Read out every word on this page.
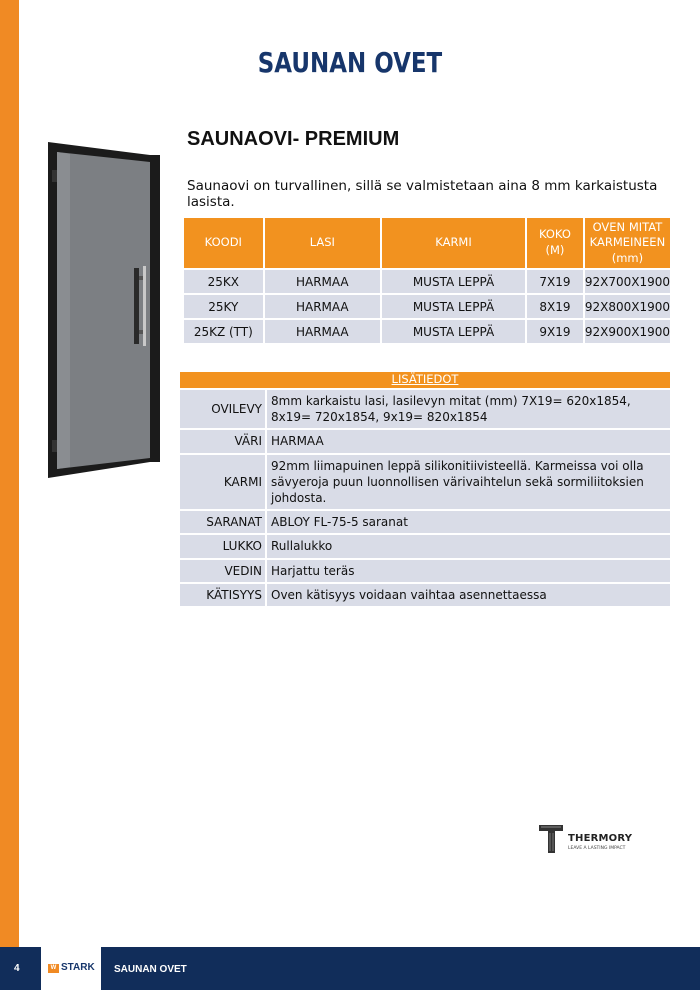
SAUNAN OVET
SAUNAOVI- PREMIUM
Saunaovi on turvallinen, sillä se valmistetaan aina 8 mm karkaistusta lasista.
KOODI	LASI	KARMI	KOKO (M)	OVEN MITAT KARMEINEEN (mm)
25KX	HARMAA	MUSTA LEPPÄ	7X19	92X700X1900
25KY	HARMAA	MUSTA LEPPÄ	8X19	92X800X1900
25KZ (TT)	HARMAA	MUSTA LEPPÄ	9X19	92X900X1900
LISÄTIEDOT	
OVILEVY	8mm karkaistu lasi, lasilevyn mitat (mm) 7X19= 620x1854, 8x19= 720x1854, 9x19= 820x1854
VÄRI	HARMAA
KARMI	92mm liimapuinen leppä silikonitiivisteellä. Karmeissa voi olla sävyeroja puun luonnollisen värivaihtelun sekä sormiliitoksien johdosta.
SARANAT	ABLOY FL-75-5 saranat
LUKKO	Rullalukko
VEDIN	Harjattu teräs
KÄTISYYS	Oven kätisyys voidaan vaihtaa asennettaessa
THERMORY
LEAVE A LASTING IMPACT
4	W STARK SAUNAN OVET
